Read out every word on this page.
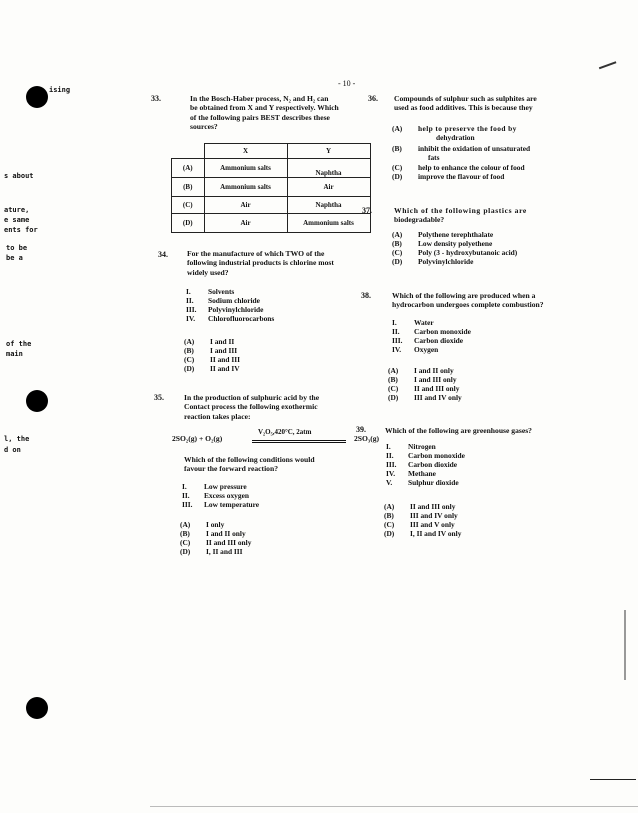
ising
s about
ature,
e same
ents for
to be
be a
of the
main
l, the
d on
- 10 -
33.	In the Bosch-Haber process, N₂ and H₂ can
be obtained from X and Y respectively. Which
of the following pairs BEST describes these
sources?
	X	Y
(A)	Ammonium salts	Naphtha
(B)	Ammonium salts	Air
(C)	Air	Naphtha
(D)	Air	Ammonium salts
34.	For the manufacture of which TWO of the
following industrial products is chlorine most
widely used?
I. Solvents
II. Sodium chloride
III. Polyvinylchloride
IV. Chlorofluorocarbons
(A) I and II
(B) I and III
(C) II and III
(D) II and IV
35.	In the production of sulphuric acid by the
Contact process the following exothermic
reaction takes place:
2SO₂(g) + O₂(g)
V₂O₅,420°C, 2atm
2SO₃(g)
Which of the following conditions would
favour the forward reaction?
I. Low pressure
II. Excess oxygen
III. Low temperature
(A) I only
(B) I and II only
(C) II and III only
(D) I, II and III
36. Compounds of sulphur such as sulphites are
used as food additives. This is because they
(A) help to preserve the food by
dehydration
(B) inhibit the oxidation of unsaturated
fats
(C) help to enhance the colour of food
(D) improve the flavour of food
37.	Which of the following plastics are
biodegradable?
(A) Polythene terephthalate
(B) Low density polyethene
(C) Poly (3 - hydroxybutanoic acid)
(D) Polyvinylchloride
38.	Which of the following are produced when a
hydrocarbon undergoes complete combustion?
I. Water
II. Carbon monoxide
III. Carbon dioxide
IV. Oxygen
(A) I and II only
(B) I and III only
(C) II and III only
(D) III and IV only
39.	Which of the following are greenhouse gases?
I. Nitrogen
II. Carbon monoxide
III. Carbon dioxide
IV. Methane
V. Sulphur dioxide
(A) II and III only
(B) III and IV only
(C) III and V only
(D) I, II and IV only
